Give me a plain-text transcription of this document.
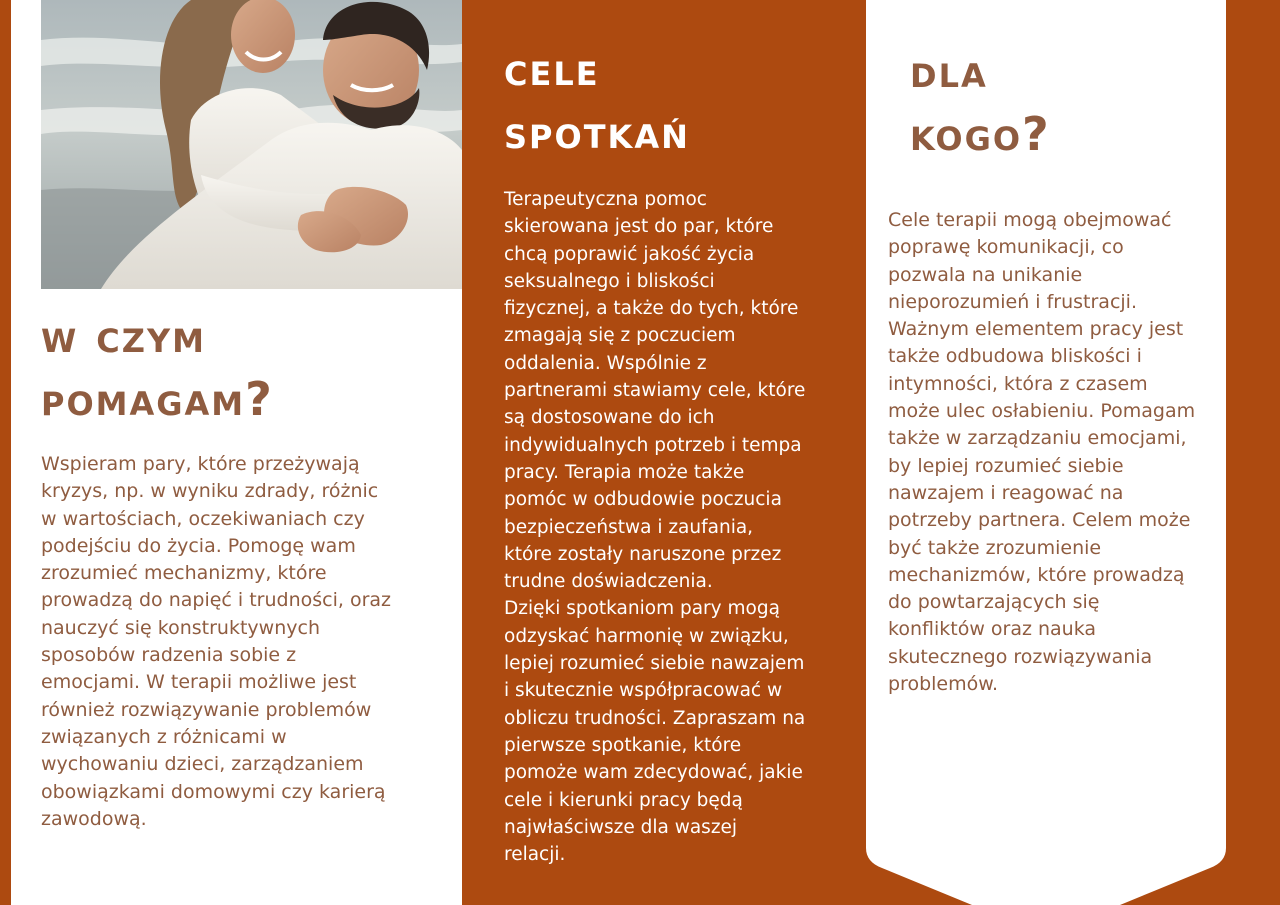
w czym
pomagam?
Wspieram pary, które przeżywają
kryzys, np. w wyniku zdrady, różnic
w wartościach, oczekiwaniach czy
podejściu do życia. Pomogę wam
zrozumieć mechanizmy, które
prowadzą do napięć i trudności, oraz
nauczyć się konstruktywnych
sposobów radzenia sobie z
emocjami. W terapii możliwe jest
również rozwiązywanie problemów
związanych z różnicami w
wychowaniu dzieci, zarządzaniem
obowiązkami domowymi czy karierą
zawodową.
cele
spotkań
Terapeutyczna pomoc
skierowana jest do par, które
chcą poprawić jakość życia
seksualnego i bliskości
fizycznej, a także do tych, które
zmagają się z poczuciem
oddalenia. Wspólnie z
partnerami stawiamy cele, które
są dostosowane do ich
indywidualnych potrzeb i tempa
pracy. Terapia może także
pomóc w odbudowie poczucia
bezpieczeństwa i zaufania,
które zostały naruszone przez
trudne doświadczenia.
Dzięki spotkaniom pary mogą
odzyskać harmonię w związku,
lepiej rozumieć siebie nawzajem
i skutecznie współpracować w
obliczu trudności. Zapraszam na
pierwsze spotkanie, które
pomoże wam zdecydować, jakie
cele i kierunki pracy będą
najwłaściwsze dla waszej
relacji.
dla
kogo?
Cele terapii mogą obejmować
poprawę komunikacji, co
pozwala na unikanie
nieporozumień i frustracji.
Ważnym elementem pracy jest
także odbudowa bliskości i
intymności, która z czasem
może ulec osłabieniu. Pomagam
także w zarządzaniu emocjami,
by lepiej rozumieć siebie
nawzajem i reagować na
potrzeby partnera. Celem może
być także zrozumienie
mechanizmów, które prowadzą
do powtarzających się
konfliktów oraz nauka
skutecznego rozwiązywania
problemów.
